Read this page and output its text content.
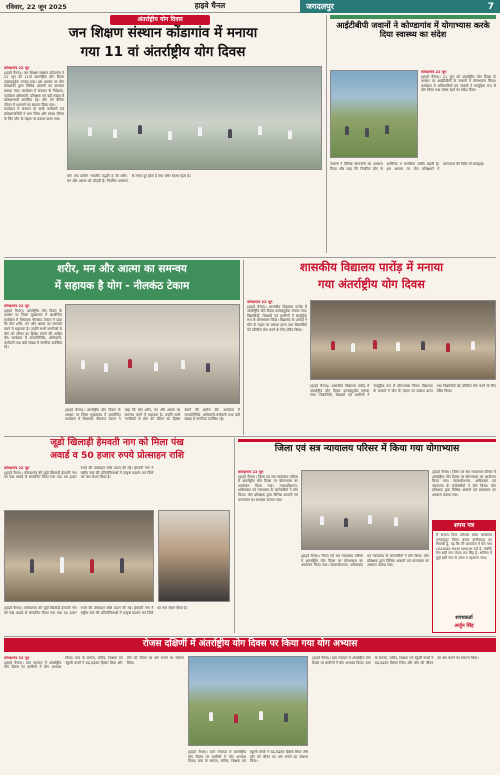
रविवार, 22 जून 2025	हाइवे चैनल	जगदलपुर	7
अंतर्राष्ट्रीय योग दिवस
जन शिक्षण संस्थान कोंडागांव में मनाया
गया 11 वां अंतर्राष्ट्रीय योग दिवस
कोण्डागांव 22 जून
(हाइवे चैनल)। जन शिक्षण संस्थान कोंडागांव ने 21 जून को 11वां अंतर्राष्ट्रीय योग दिवस उत्साहपूर्वक मनाया गया। इस अवसर पर योग प्रशिक्षकों द्वारा विभिन्न आसनों का अभ्यास कराया गया। कार्यक्रम में संस्थान के निदेशक, कार्यक्रम अधिकारी, प्रशिक्षक एवं बड़ी संख्या में प्रशिक्षणार्थी उपस्थित रहे। योग को दैनिक जीवन में अपनाने का संकल्प लिया गया।
कार्यक्रम में संस्थान के सभी कर्मचारी एवं प्रशिक्षणार्थियों ने भाग लिया और स्वस्थ जीवन के लिए योग के महत्व पर प्रकाश डाला गया।
योग एक प्राचीन भारतीय पद्धति है जो शरीर, मन और आत्मा को जोड़ती है। नियमित अभ्यास से तनाव दूर होता है तथा शरीर स्वस्थ रहता है।
आईटीबीपी जवानों ने कोण्डागांव में योगाभ्यास करके दिया स्वास्थ्य का संदेश
कोण्डागांव 22 जून
(हाइवे चैनल)। 21 जून को अंतर्राष्ट्रीय योग दिवस के अवसर पर आईटीबीपी के जवानों ने योगाभ्यास किया। कार्यक्रम में अधिकारियों एवं जवानों ने सामूहिक रूप से योग किया तथा स्वस्थ रहने का संदेश दिया।
जवानों ने विभिन्न योगासनों का अभ्यास किया और कहा कि नियमित योग से शारीरिक व मानसिक शक्ति बढ़ती है। इस अवसर पर योग प्रशिक्षकों ने प्राणायाम की विधि भी समझाई।
शरीर, मन और आत्मा का समन्वय
में सहायक है योग - नीलकंठ टेकाम
कोण्डागांव 22 जून
(हाइवे चैनल)। अंतर्राष्ट्रीय योग दिवस के अवसर पर जिला मुख्यालय में आयोजित कार्यक्रम में विधायक नीलकंठ टेकाम ने कहा कि योग शरीर, मन और आत्मा का समन्वय करने में सहायक है। उन्होंने सभी नागरिकों से योग को जीवन का हिस्सा बनाने की अपील की। कार्यक्रम में जनप्रतिनिधि, अधिकारी-कर्मचारी तथा बड़ी संख्या में नागरिक उपस्थित रहे।
(हाइवे चैनल)। अंतर्राष्ट्रीय योग दिवस के अवसर पर जिला मुख्यालय में आयोजित कार्यक्रम में विधायक नीलकंठ टेकाम ने कहा कि योग शरीर, मन और आत्मा का समन्वय करने में सहायक है। उन्होंने सभी नागरिकों से योग को जीवन का हिस्सा बनाने की अपील की। कार्यक्रम में जनप्रतिनिधि, अधिकारी-कर्मचारी तथा बड़ी संख्या में नागरिक उपस्थित रहे।
शासकीय विद्यालय पारोंड़ में मनाया
गया अंतर्राष्ट्रीय योग दिवस
कोण्डागांव 22 जून
(हाइवे चैनल)। शासकीय विद्यालय पारोंड़ में अंतर्राष्ट्रीय योग दिवस उत्साहपूर्वक मनाया गया। विद्यार्थियों, शिक्षकों एवं ग्रामीणों ने सामूहिक रूप से योगाभ्यास किया। विद्यालय के प्राचार्य ने योग के महत्व पर प्रकाश डाला तथा विद्यार्थियों को प्रतिदिन योग करने के लिए प्रेरित किया।
(हाइवे चैनल)। शासकीय विद्यालय पारोंड़ में अंतर्राष्ट्रीय योग दिवस उत्साहपूर्वक मनाया गया। विद्यार्थियों, शिक्षकों एवं ग्रामीणों ने सामूहिक रूप से योगाभ्यास किया। विद्यालय के प्राचार्य ने योग के महत्व पर प्रकाश डाला तथा विद्यार्थियों को प्रतिदिन योग करने के लिए प्रेरित किया।
जूडो खिलाड़ी हेमवती नाग को मिला पंख
अवार्ड व 50 हजार रुपये प्रोत्साहन राशि
कोण्डागांव 22 जून
(हाइवे चैनल)। कोण्डागांव की जूडो खिलाड़ी हेमवती नाग को पंख अवार्ड से सम्मानित किया गया तथा 50 हजार रुपये की प्रोत्साहन राशि प्रदान की गई। हेमवती नाग ने राष्ट्रीय स्तर की प्रतियोगिताओं में उत्कृष्ट प्रदर्शन कर जिले का नाम रोशन किया है।
(हाइवे चैनल)। कोण्डागांव की जूडो खिलाड़ी हेमवती नाग को पंख अवार्ड से सम्मानित किया गया तथा 50 हजार रुपये की प्रोत्साहन राशि प्रदान की गई। हेमवती नाग ने राष्ट्रीय स्तर की प्रतियोगिताओं में उत्कृष्ट प्रदर्शन कर जिले का नाम रोशन किया है।
जिला एवं सत्र न्यायालय परिसर में किया गया योगाभ्यास
कोण्डागांव 22 जून
(हाइवे चैनल)। जिला एवं सत्र न्यायालय परिसर में अंतर्राष्ट्रीय योग दिवस पर योगाभ्यास का आयोजन किया गया। न्यायाधीशगण, अधिवक्ता एवं न्यायालय के कर्मचारियों ने योग किया। योग प्रशिक्षक द्वारा विभिन्न आसनों एवं प्राणायाम का अभ्यास कराया गया।
(हाइवे चैनल)। जिला एवं सत्र न्यायालय परिसर में अंतर्राष्ट्रीय योग दिवस पर योगाभ्यास का आयोजन किया गया। न्यायाधीशगण, अधिवक्ता एवं न्यायालय के कर्मचारियों ने योग किया। योग प्रशिक्षक द्वारा विभिन्न आसनों एवं प्राणायाम का अभ्यास कराया गया।
शपथ पत्र
मैं सत्यम पिता उमेश्वर धोबा कार्यालय जगदलपुर जिला बस्तर छत्तीसगढ़ का निवासी हूं, यह कि मेरे दस्तावेज में मेरा नाम LEADDA RAM SINGH दर्ज है, जबकि मेरा सही नाम लेददा राम सिंह है। भविष्य में मुझे इसी नाम से जाना व पहचाना जाए।
शपथकर्ता
अर्जुन सिंह
(हाइवे चैनल)। जिला एवं सत्र न्यायालय परिसर में अंतर्राष्ट्रीय योग दिवस पर योगाभ्यास का आयोजन किया गया। न्यायाधीशगण, अधिवक्ता एवं न्यायालय के कर्मचारियों ने योग किया। योग प्रशिक्षक द्वारा विभिन्न आसनों एवं प्राणायाम का अभ्यास कराया गया।
रोजस दक्षिणीं में अंतर्राष्ट्रीय योग दिवस पर किया गया योग अभ्यास
कोण्डागांव 22 जून
(हाइवे चैनल)। ग्राम पंचायत में अंतर्राष्ट्रीय योग दिवस पर ग्रामीणों ने योग अभ्यास किया। ग्राम के सरपंच, सचिव, शिक्षक एवं स्कूली बच्चों ने बढ़-चढ़कर हिस्सा लिया और योग को जीवन का अंग बनाने का संकल्प लिया।
(हाइवे चैनल)। ग्राम पंचायत में अंतर्राष्ट्रीय योग दिवस पर ग्रामीणों ने योग अभ्यास किया। ग्राम के सरपंच, सचिव, शिक्षक एवं स्कूली बच्चों ने बढ़-चढ़कर हिस्सा लिया और योग को जीवन का अंग बनाने का संकल्प लिया।
(हाइवे चैनल)। ग्राम पंचायत में अंतर्राष्ट्रीय योग दिवस पर ग्रामीणों ने योग अभ्यास किया। ग्राम के सरपंच, सचिव, शिक्षक एवं स्कूली बच्चों ने बढ़-चढ़कर हिस्सा लिया और योग को जीवन का अंग बनाने का संकल्प लिया।
